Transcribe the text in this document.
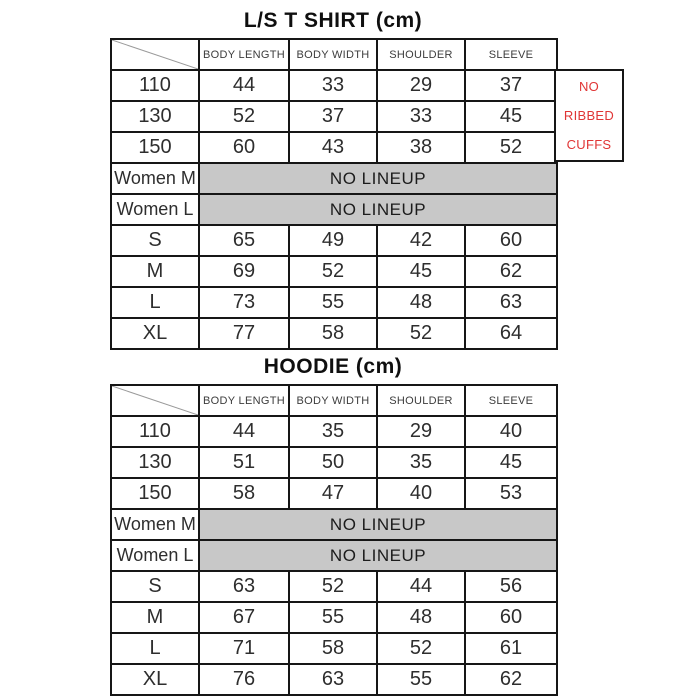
L/S T SHIRT (cm)
	BODY LENGTH	BODY WIDTH	SHOULDER	SLEEVE
110	44	33	29	37
130	52	37	33	45
150	60	43	38	52
Women M	NO LINEUP			
Women L	NO LINEUP			
S	65	49	42	60
M	69	52	45	62
L	73	55	48	63
XL	77	58	52	64
NO
RIBBED
CUFFS
HOODIE (cm)
	BODY LENGTH	BODY WIDTH	SHOULDER	SLEEVE
110	44	35	29	40
130	51	50	35	45
150	58	47	40	53
Women M	NO LINEUP			
Women L	NO LINEUP			
S	63	52	44	56
M	67	55	48	60
L	71	58	52	61
XL	76	63	55	62
